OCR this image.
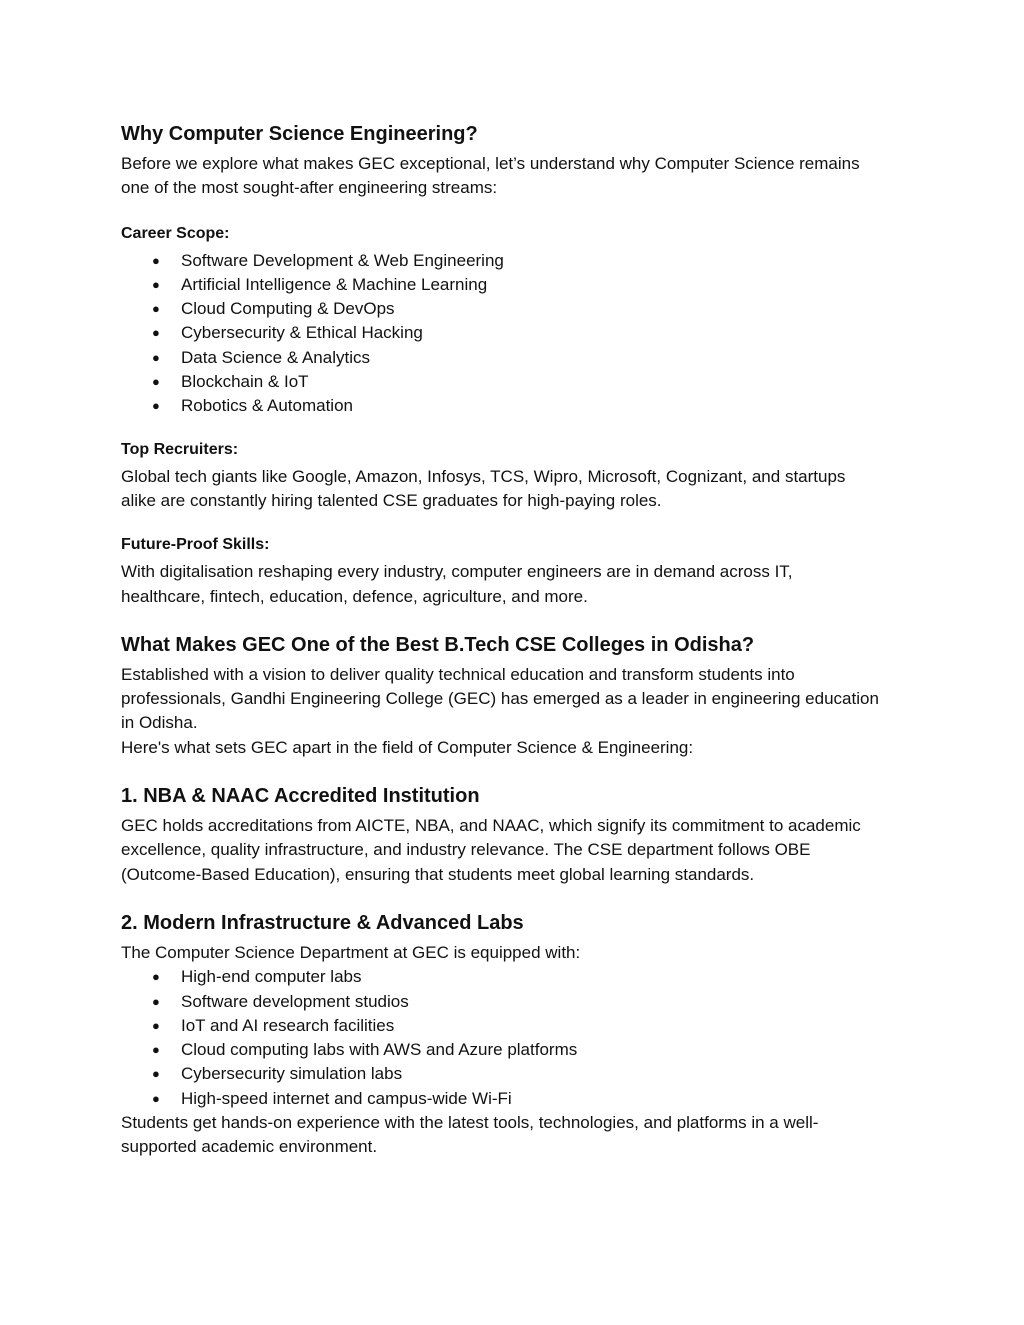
Why Computer Science Engineering?

Before we explore what makes GEC exceptional, let’s understand why Computer Science remains one of the most sought-after engineering streams:

Career Scope:
● Software Development & Web Engineering
● Artificial Intelligence & Machine Learning
● Cloud Computing & DevOps
● Cybersecurity & Ethical Hacking
● Data Science & Analytics
● Blockchain & IoT
● Robotics & Automation
Top Recruiters:

Global tech giants like Google, Amazon, Infosys, TCS, Wipro, Microsoft, Cognizant, and startups alike are constantly hiring talented CSE graduates for high-paying roles.

Future-Proof Skills:

With digitalisation reshaping every industry, computer engineers are in demand across IT, healthcare, fintech, education, defence, agriculture, and more.

What Makes GEC One of the Best B.Tech CSE Colleges in Odisha?

Established with a vision to deliver quality technical education and transform students into professionals, Gandhi Engineering College (GEC) has emerged as a leader in engineering education in Odisha.

Here's what sets GEC apart in the field of Computer Science & Engineering:

1. NBA & NAAC Accredited Institution

GEC holds accreditations from AICTE, NBA, and NAAC, which signify its commitment to academic excellence, quality infrastructure, and industry relevance. The CSE department follows OBE (Outcome-Based Education), ensuring that students meet global learning standards.

2. Modern Infrastructure & Advanced Labs

The Computer Science Department at GEC is equipped with:

● High-end computer labs
● Software development studios
● IoT and AI research facilities
● Cloud computing labs with AWS and Azure platforms
● Cybersecurity simulation labs
● High-speed internet and campus-wide Wi-Fi

Students get hands-on experience with the latest tools, technologies, and platforms in a well-supported academic environment.
